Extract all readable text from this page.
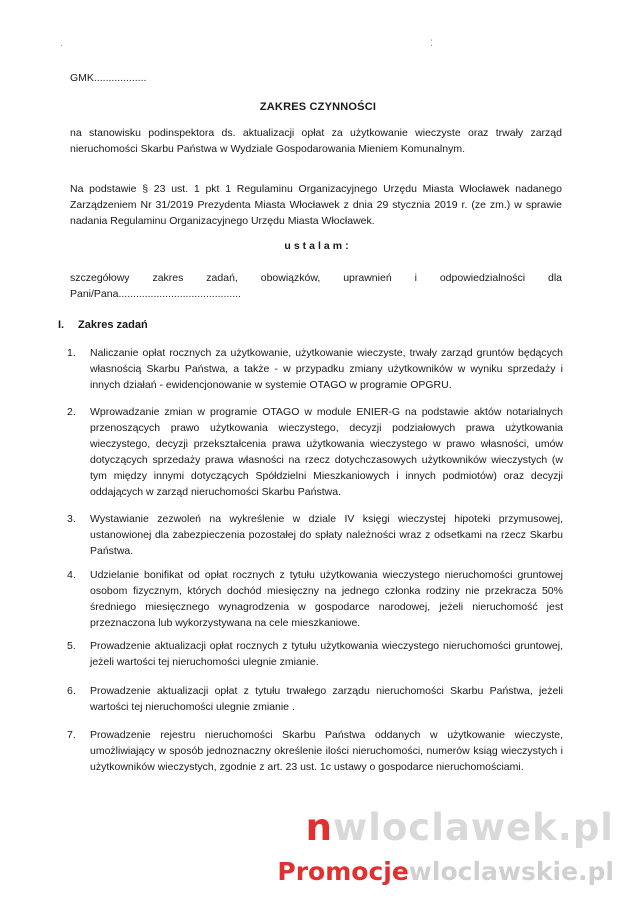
·	⁚
GMK..................
ZAKRES CZYNNOŚCI
na stanowisku podinspektora ds. aktualizacji opłat za użytkowanie wieczyste oraz trwały zarząd nieruchomości Skarbu Państwa w Wydziale Gospodarowania Mieniem Komunalnym.
Na podstawie § 23 ust. 1 pkt 1 Regulaminu Organizacyjnego Urzędu Miasta Włocławek nadanego Zarządzeniem Nr 31/2019 Prezydenta Miasta Włocławek z dnia 29 stycznia 2019 r. (ze zm.) w sprawie nadania Regulaminu Organizacyjnego Urzędu Miasta Włocławek.
ustalam:
szczegółowy zakres zadań, obowiązków, uprawnień i odpowiedzialności dla Pani/Pana..........................................
I. Zakres zadań
1. Naliczanie opłat rocznych za użytkowanie, użytkowanie wieczyste, trwały zarząd gruntów będących własnością Skarbu Państwa, a także - w przypadku zmiany użytkowników w wyniku sprzedaży i innych działań - ewidencjonowanie w systemie OTAGO w programie OPGRU.
2. Wprowadzanie zmian w programie OTAGO w module ENIER-G na podstawie aktów notarialnych przenoszących prawo użytkowania wieczystego, decyzji podziałowych prawa użytkowania wieczystego, decyzji przekształcenia prawa użytkowania wieczystego w prawo własności, umów dotyczących sprzedaży prawa własności na rzecz dotychczasowych użytkowników wieczystych (w tym między innymi dotyczących Spółdzielni Mieszkaniowych i innych podmiotów) oraz decyzji oddających w zarząd nieruchomości Skarbu Państwa.
3. Wystawianie zezwoleń na wykreślenie w dziale IV księgi wieczystej hipoteki przymusowej, ustanowionej dla zabezpieczenia pozostałej do spłaty należności wraz z odsetkami na rzecz Skarbu Państwa.
4. Udzielanie bonifikat od opłat rocznych z tytułu użytkowania wieczystego nieruchomości gruntowej osobom fizycznym, których dochód miesięczny na jednego członka rodziny nie przekracza 50% średniego miesięcznego wynagrodzenia w gospodarce narodowej, jeżeli nieruchomość jest przeznaczona lub wykorzystywana na cele mieszkaniowe.
5. Prowadzenie aktualizacji opłat rocznych z tytułu użytkowania wieczystego nieruchomości gruntowej, jeżeli wartości tej nieruchomości ulegnie zmianie.
6. Prowadzenie aktualizacji opłat z tytułu trwałego zarządu nieruchomości Skarbu Państwa, jeżeli wartości tej nieruchomości ulegnie zmianie .
7. Prowadzenie rejestru nieruchomości Skarbu Państwa oddanych w użytkowanie wieczyste, umożliwiający w sposób jednoznaczny określenie ilości nieruchomości, numerów ksiąg wieczystych i użytkowników wieczystych, zgodnie z art. 23 ust. 1c ustawy o gospodarce nieruchomościami.
nwloclawek.pl
Promocjewloclawskie.pl
